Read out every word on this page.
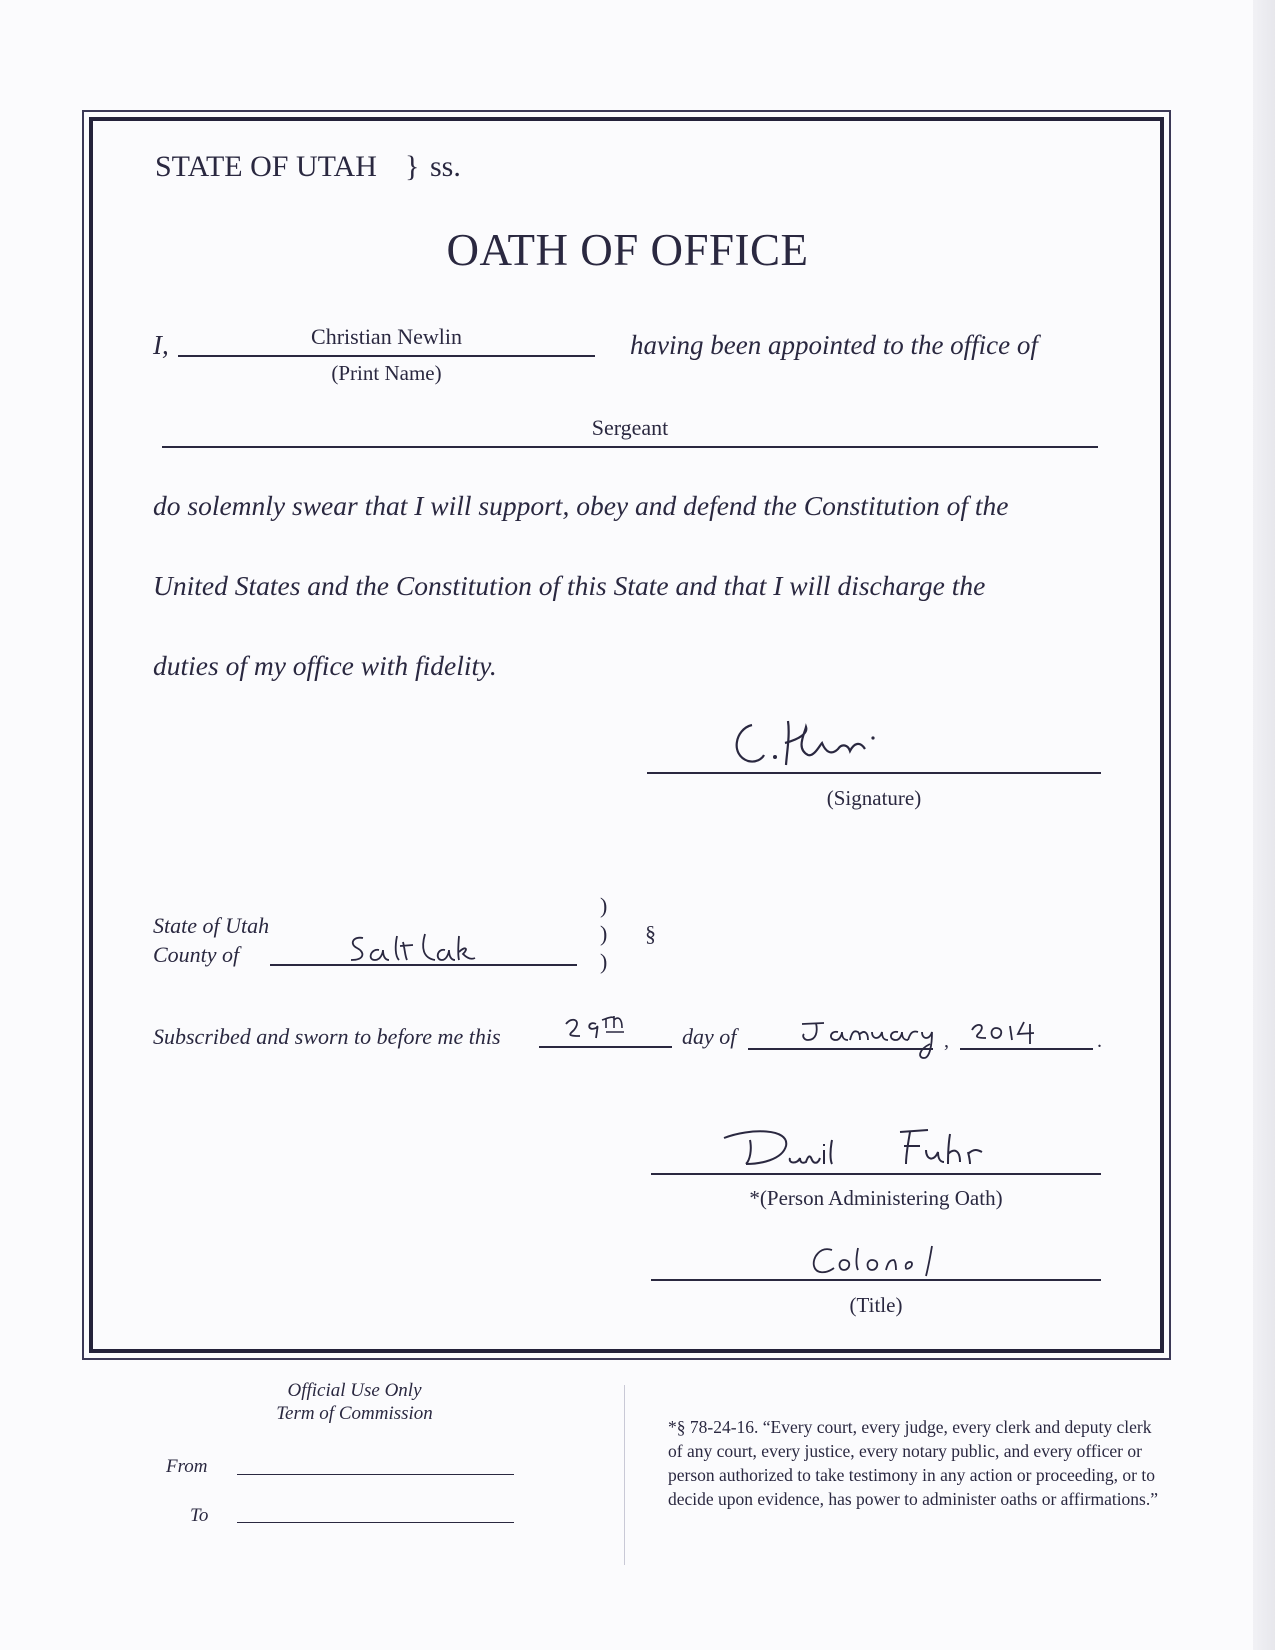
STATE OF UTAH } ss.
OATH OF OFFICE
I,	Christian Newlin
(Print Name)
having been appointed to the office of
Sergeant
do solemnly swear that I will support, obey and defend the Constitution of the
United States and the Constitution of this State and that I will discharge the
duties of my office with fidelity.
(Signature)
State of Utah
County of
)
)
)
§
Subscribed and sworn to before me this	day of	,	.
*(Person Administering Oath)
(Title)
Official Use Only
Term of Commission
From
To
*§ 78-24-16. “Every court, every judge, every clerk and deputy clerk of any court, every justice, every notary public, and every officer or person authorized to take testimony in any action or proceeding, or to decide upon evidence, has power to administer oaths or affirmations.”
